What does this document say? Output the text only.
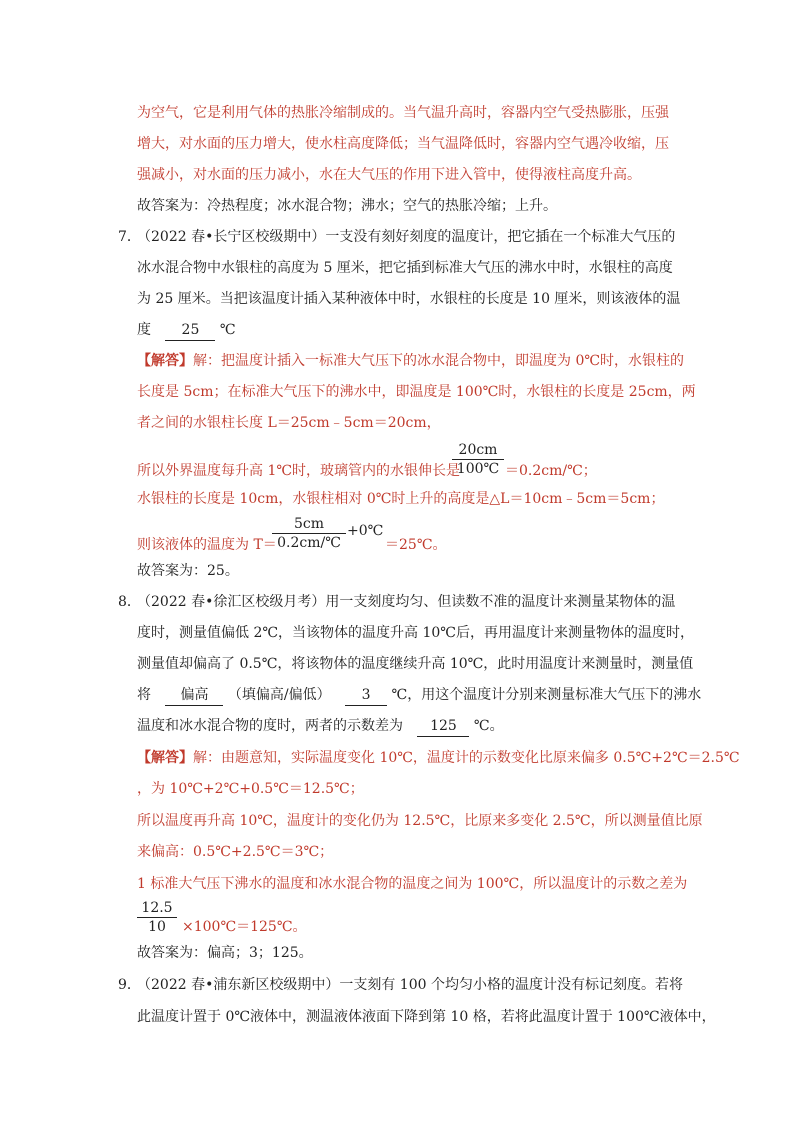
为空气，它是利用气体的热胀冷缩制成的。当气温升高时，容器内空气受热膨胀，压强
增大，对水面的压力增大，使水柱高度降低；当气温降低时，容器内空气遇冷收缩，压
强减小，对水面的压力减小，水在大气压的作用下进入管中，使得液柱高度升高。
故答案为：冷热程度；冰水混合物；沸水；空气的热胀冷缩；上升。
7．
（2022 春•长宁区校级期中）一支没有刻好刻度的温度计，把它插在一个标准大气压的
冰水混合物中水银柱的高度为 5 厘米，把它插到标准大气压的沸水中时，水银柱的高度
为 25 厘米。当把该温度计插入某种液体中时，水银柱的长度是 10 厘米，则该液体的温
度 25 ℃
【解答】解：把温度计插入一标准大气压下的冰水混合物中，即温度为 0℃时，水银柱的
长度是 5cm；在标准大气压下的沸水中，即温度是 100℃时，水银柱的长度是 25cm，两
者之间的水银柱长度 L＝25cm﹣5cm＝20cm，
所以外界温度每升高 1℃时，玻璃管内的水银伸长是
$\frac{20cm}{100℃}$ ＝0.2cm/℃；
水银柱的长度是 10cm，水银柱相对 0℃时上升的高度是△L＝10cm﹣5cm＝5cm；
则该液体的温度为 T＝
$\frac{5cm}{0.2cm/℃}$ +0℃
＝25℃。
故答案为：25。
8．
（2022 春•徐汇区校级月考）用一支刻度均匀、但读数不准的温度计来测量某物体的温
度时，测量值偏低 2℃，当该物体的温度升高 10℃后，再用温度计来测量物体的温度时，
测量值却偏高了 0.5℃，将该物体的温度继续升高 10℃，此时用温度计来测量时，测量值
将 偏高 （填偏高/偏低） 3 ℃，用这个温度计分别来测量标准大气压下的沸水
温度和冰水混合物的度时，两者的示数差为 125 ℃。
【解答】解：由题意知，实际温度变化 10℃，温度计的示数变化比原来偏多 0.5℃+2℃＝2.5℃
，为 10℃+2℃+0.5℃＝12.5℃；
所以温度再升高 10℃，温度计的变化仍为 12.5℃，比原来多变化 2.5℃，所以测量值比原
来偏高：0.5℃+2.5℃＝3℃；
1 标准大气压下沸水的温度和冰水混合物的温度之间为 100℃，所以温度计的示数之差为
$\frac{12.5}{10}$ ×100℃＝125℃。
故答案为：偏高；3；125。
9．
（2022 春•浦东新区校级期中）一支刻有 100 个均匀小格的温度计没有标记刻度。若将
此温度计置于 0℃液体中，测温液体液面下降到第 10 格，若将此温度计置于 100℃液体中，
